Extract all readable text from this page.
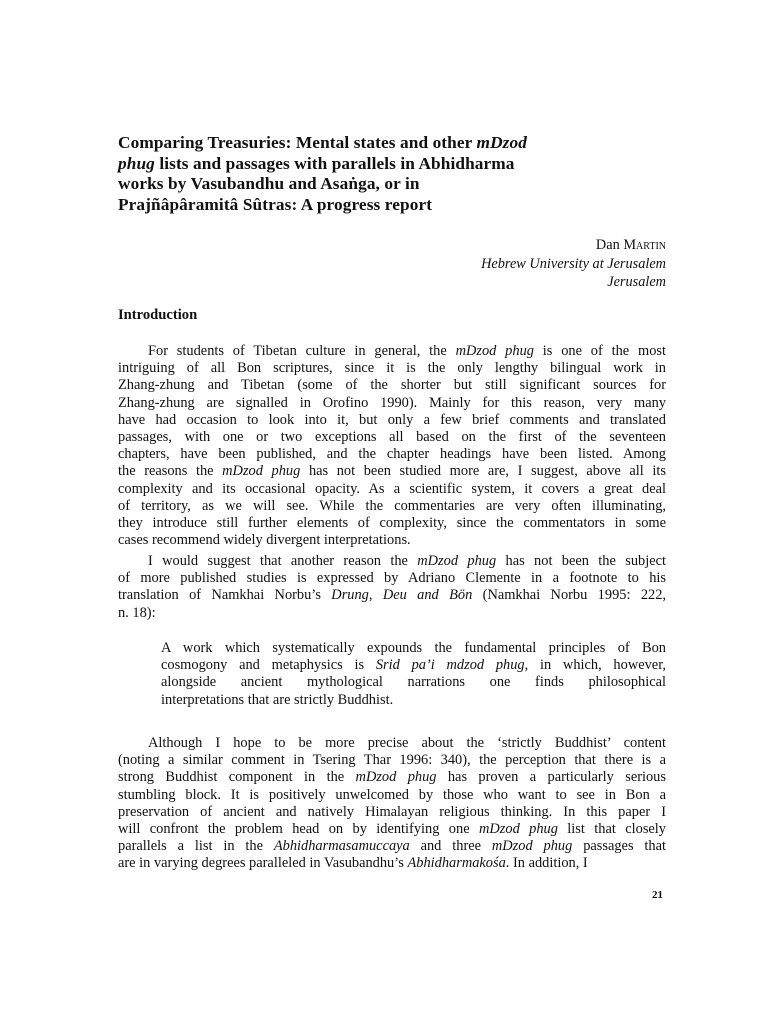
Comparing Treasuries: Mental states and other mDzod
phug lists and passages with parallels in Abhidharma
works by Vasubandhu and Asaṅga, or in
Prajñâpâramitâ Sûtras: A progress report
Dan Martin
Hebrew University at Jerusalem
Jerusalem
Introduction

For students of Tibetan culture in general, the mDzod phug is one of the most
intriguing of all Bon scriptures, since it is the only lengthy bilingual work in
Zhang-zhung and Tibetan (some of the shorter but still significant sources for
Zhang-zhung are signalled in Orofino 1990). Mainly for this reason, very many
have had occasion to look into it, but only a few brief comments and translated
passages, with one or two exceptions all based on the first of the seventeen
chapters, have been published, and the chapter headings have been listed. Among
the reasons the mDzod phug has not been studied more are, I suggest, above all its
complexity and its occasional opacity. As a scientific system, it covers a great deal
of territory, as we will see. While the commentaries are very often illuminating,
they introduce still further elements of complexity, since the commentators in some
cases recommend widely divergent interpretations.

I would suggest that another reason the mDzod phug has not been the subject
of more published studies is expressed by Adriano Clemente in a footnote to his
translation of Namkhai Norbu’s Drung, Deu and Bön (Namkhai Norbu 1995: 222,
n. 18):

A work which systematically expounds the fundamental principles of Bon
cosmogony and metaphysics is Srid pa’i mdzod phug, in which, however,
alongside ancient mythological narrations one finds philosophical
interpretations that are strictly Buddhist.

Although I hope to be more precise about the ‘strictly Buddhist’ content
(noting a similar comment in Tsering Thar 1996: 340), the perception that there is a
strong Buddhist component in the mDzod phug has proven a particularly serious
stumbling block. It is positively unwelcomed by those who want to see in Bon a
preservation of ancient and natively Himalayan religious thinking. In this paper I
will confront the problem head on by identifying one mDzod phug list that closely
parallels a list in the Abhidharmasamuccaya and three mDzod phug passages that
are in varying degrees paralleled in Vasubandhu’s Abhidharmakośa. In addition, I

21
